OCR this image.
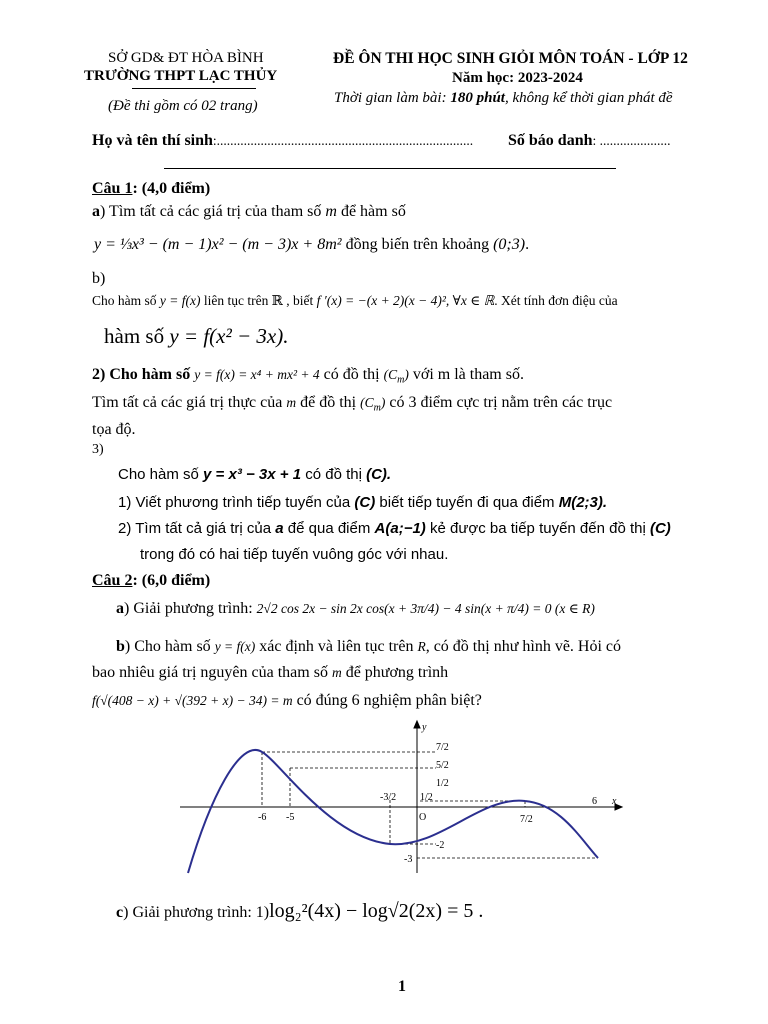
SỞ GD& ĐT HÒA BÌNH
TRƯỜNG THPT LẠC THỦY
(Đề thi gồm có 02 trang)
ĐỀ ÔN THI HỌC SINH GIỎI MÔN TOÁN - LỚP 12
Năm học: 2023-2024
Thời gian làm bài: 180 phút, không kể thời gian phát đề
Họ và tên thí sinh:............................................................................ Số báo danh: .....................
Câu 1: (4,0 điểm)
a) Tìm tất cả các giá trị của tham số m để hàm số
y = ⅓x³ − (m − 1)x² − (m − 3)x + 8m² đồng biến trên khoảng (0;3).
b)
Cho hàm số y = f(x) liên tục trên ℝ , biết f ′(x) = −(x + 2)(x − 4)², ∀x ∈ ℝ. Xét tính đơn điệu của
hàm số y = f(x² − 3x).
2) Cho hàm số y = f(x) = x⁴ + mx² + 4 có đồ thị $(C_m)$ với m là tham số.
Tìm tất cả các giá trị thực của m để đồ thị $(C_m)$ có 3 điểm cực trị nằm trên các trục
tọa độ.
3)
Cho hàm số y = x³ − 3x + 1 có đồ thị (C).
1) Viết phương trình tiếp tuyến của (C) biết tiếp tuyến đi qua điểm M(2;3).
2) Tìm tất cả giá trị của a để qua điểm A(a;−1) kẻ được ba tiếp tuyến đến đồ thị (C)
trong đó có hai tiếp tuyến vuông góc với nhau.
Câu 2: (6,0 điểm)
a) Giải phương trình: 2√2 cos 2x − sin 2x cos(x + 3π/4) − 4 sin(x + π/4) = 0 (x ∈ R)
b) Cho hàm số y = f(x) xác định và liên tục trên R, có đồ thị như hình vẽ. Hỏi có
bao nhiêu giá trị nguyên của tham số m để phương trình
f(√(408 − x) + √(392 + x) − 34) = m có đúng 6 nghiệm phân biệt?
y
x
O
-6 -5
-3/2 1/2
7/2
6
7/2
5/2
1/2
-2
-3
c) Giải phương trình: 1)log₂²(4x) − log√2(2x) = 5 .
1
